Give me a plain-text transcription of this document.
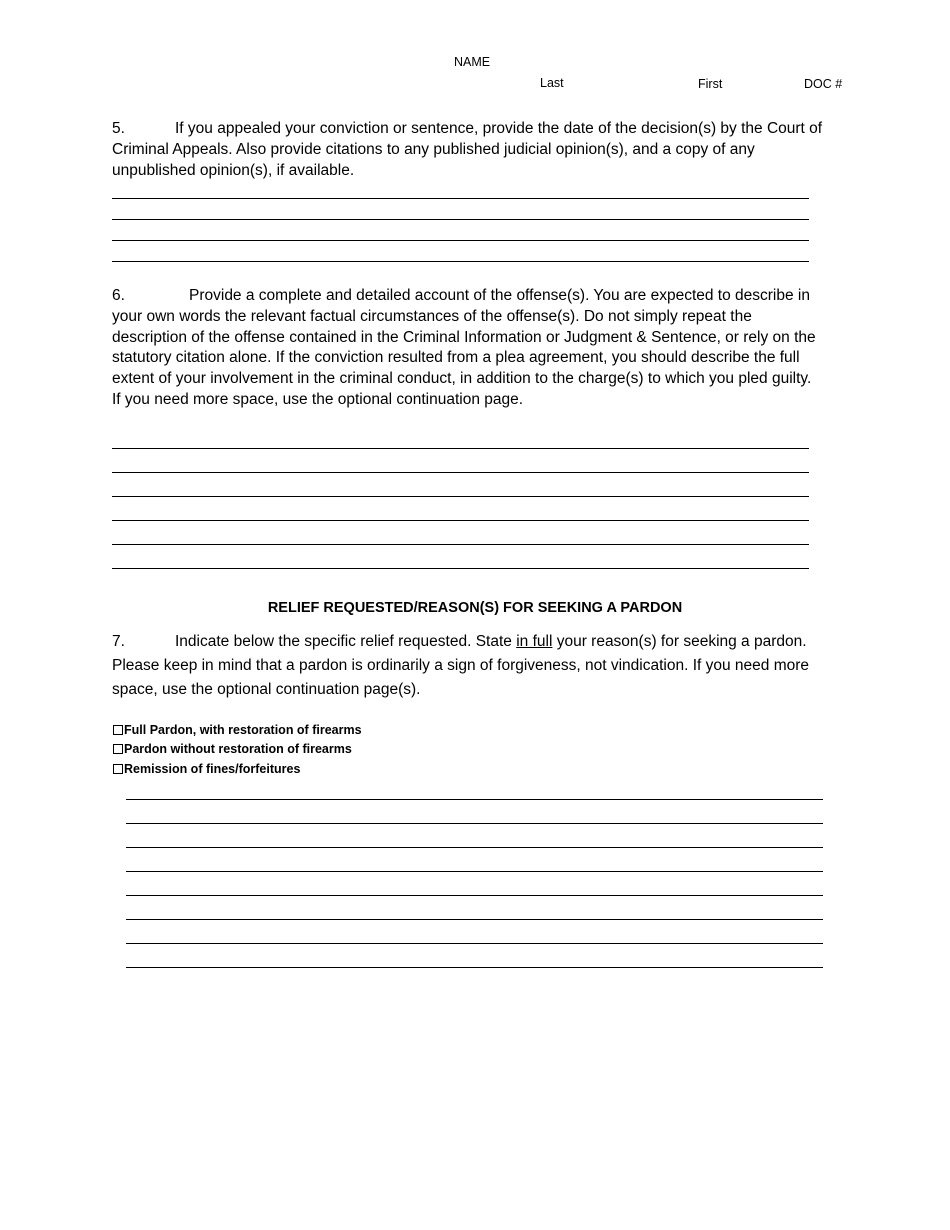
NAME
Last	First	DOC #
5.	If you appealed your conviction or sentence, provide the date of the decision(s) by the Court of
Criminal Appeals. Also provide citations to any published judicial opinion(s), and a copy of any
unpublished opinion(s), if available.
6.	Provide a complete and detailed account of the offense(s). You are expected to describe in
your own words the relevant factual circumstances of the offense(s). Do not simply repeat the
description of the offense contained in the Criminal Information or Judgment & Sentence, or rely on the
statutory citation alone. If the conviction resulted from a plea agreement, you should describe the full
extent of your involvement in the criminal conduct, in addition to the charge(s) to which you pled guilty.
If you need more space, use the optional continuation page.
RELIEF REQUESTED/REASON(S) FOR SEEKING A PARDON
7.	Indicate below the specific relief requested. State in full your reason(s) for seeking a pardon.
Please keep in mind that a pardon is ordinarily a sign of forgiveness, not vindication. If you need more
space, use the optional continuation page(s).
Full Pardon, with restoration of firearms
Pardon without restoration of firearms
Remission of fines/forfeitures
